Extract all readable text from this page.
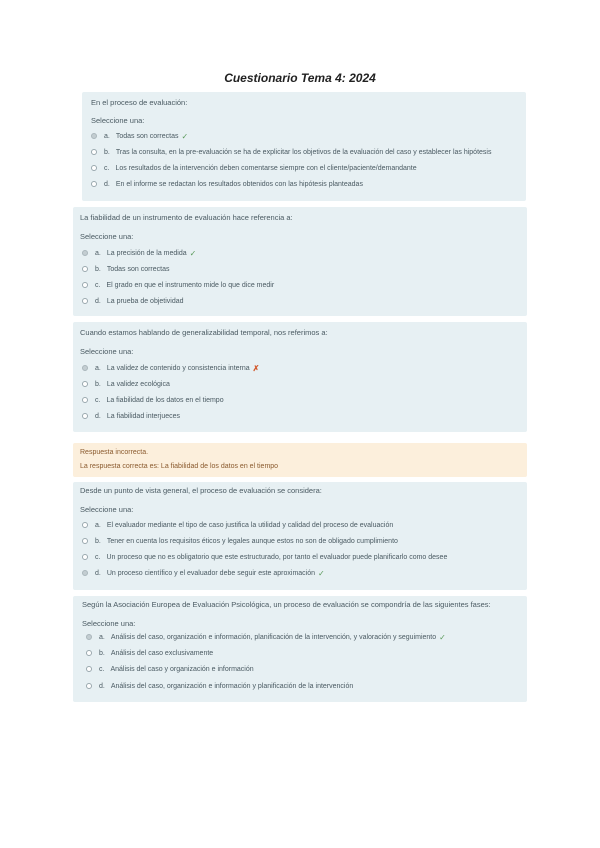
Cuestionario Tema 4: 2024
En el proceso de evaluación:
Seleccione una:
a. Todas son correctas ✓
b. Tras la consulta, en la pre-evaluación se ha de explicitar los objetivos de la evaluación del caso y establecer las hipótesis
c. Los resultados de la intervención deben comentarse siempre con el cliente/paciente/demandante
d. En el informe se redactan los resultados obtenidos con las hipótesis planteadas
La fiabilidad de un instrumento de evaluación hace referencia a:
Seleccione una:
a. La precisión de la medida ✓
b. Todas son correctas
c. El grado en que el instrumento mide lo que dice medir
d. La prueba de objetividad
Cuando estamos hablando de generalizabilidad temporal, nos referimos a:
Seleccione una:
a. La validez de contenido y consistencia interna ✗
b. La validez ecológica
c. La fiabilidad de los datos en el tiempo
d. La fiabilidad interjueces
Respuesta incorrecta.
La respuesta correcta es: La fiabilidad de los datos en el tiempo
Desde un punto de vista general, el proceso de evaluación se considera:
Seleccione una:
a. El evaluador mediante el tipo de caso justifica la utilidad y calidad del proceso de evaluación
b. Tener en cuenta los requisitos éticos y legales aunque estos no son de obligado cumplimiento
c. Un proceso que no es obligatorio que este estructurado, por tanto el evaluador puede planificarlo como desee
d. Un proceso científico y el evaluador debe seguir este aproximación ✓
Según la Asociación Europea de Evaluación Psicológica, un proceso de evaluación se compondría de las siguientes fases:
Seleccione una:
a. Análisis del caso, organización e información, planificación de la intervención, y valoración y seguimiento ✓
b. Análisis del caso exclusivamente
c. Análisis del caso y organización e información
d. Análisis del caso, organización e información y planificación de la intervención
